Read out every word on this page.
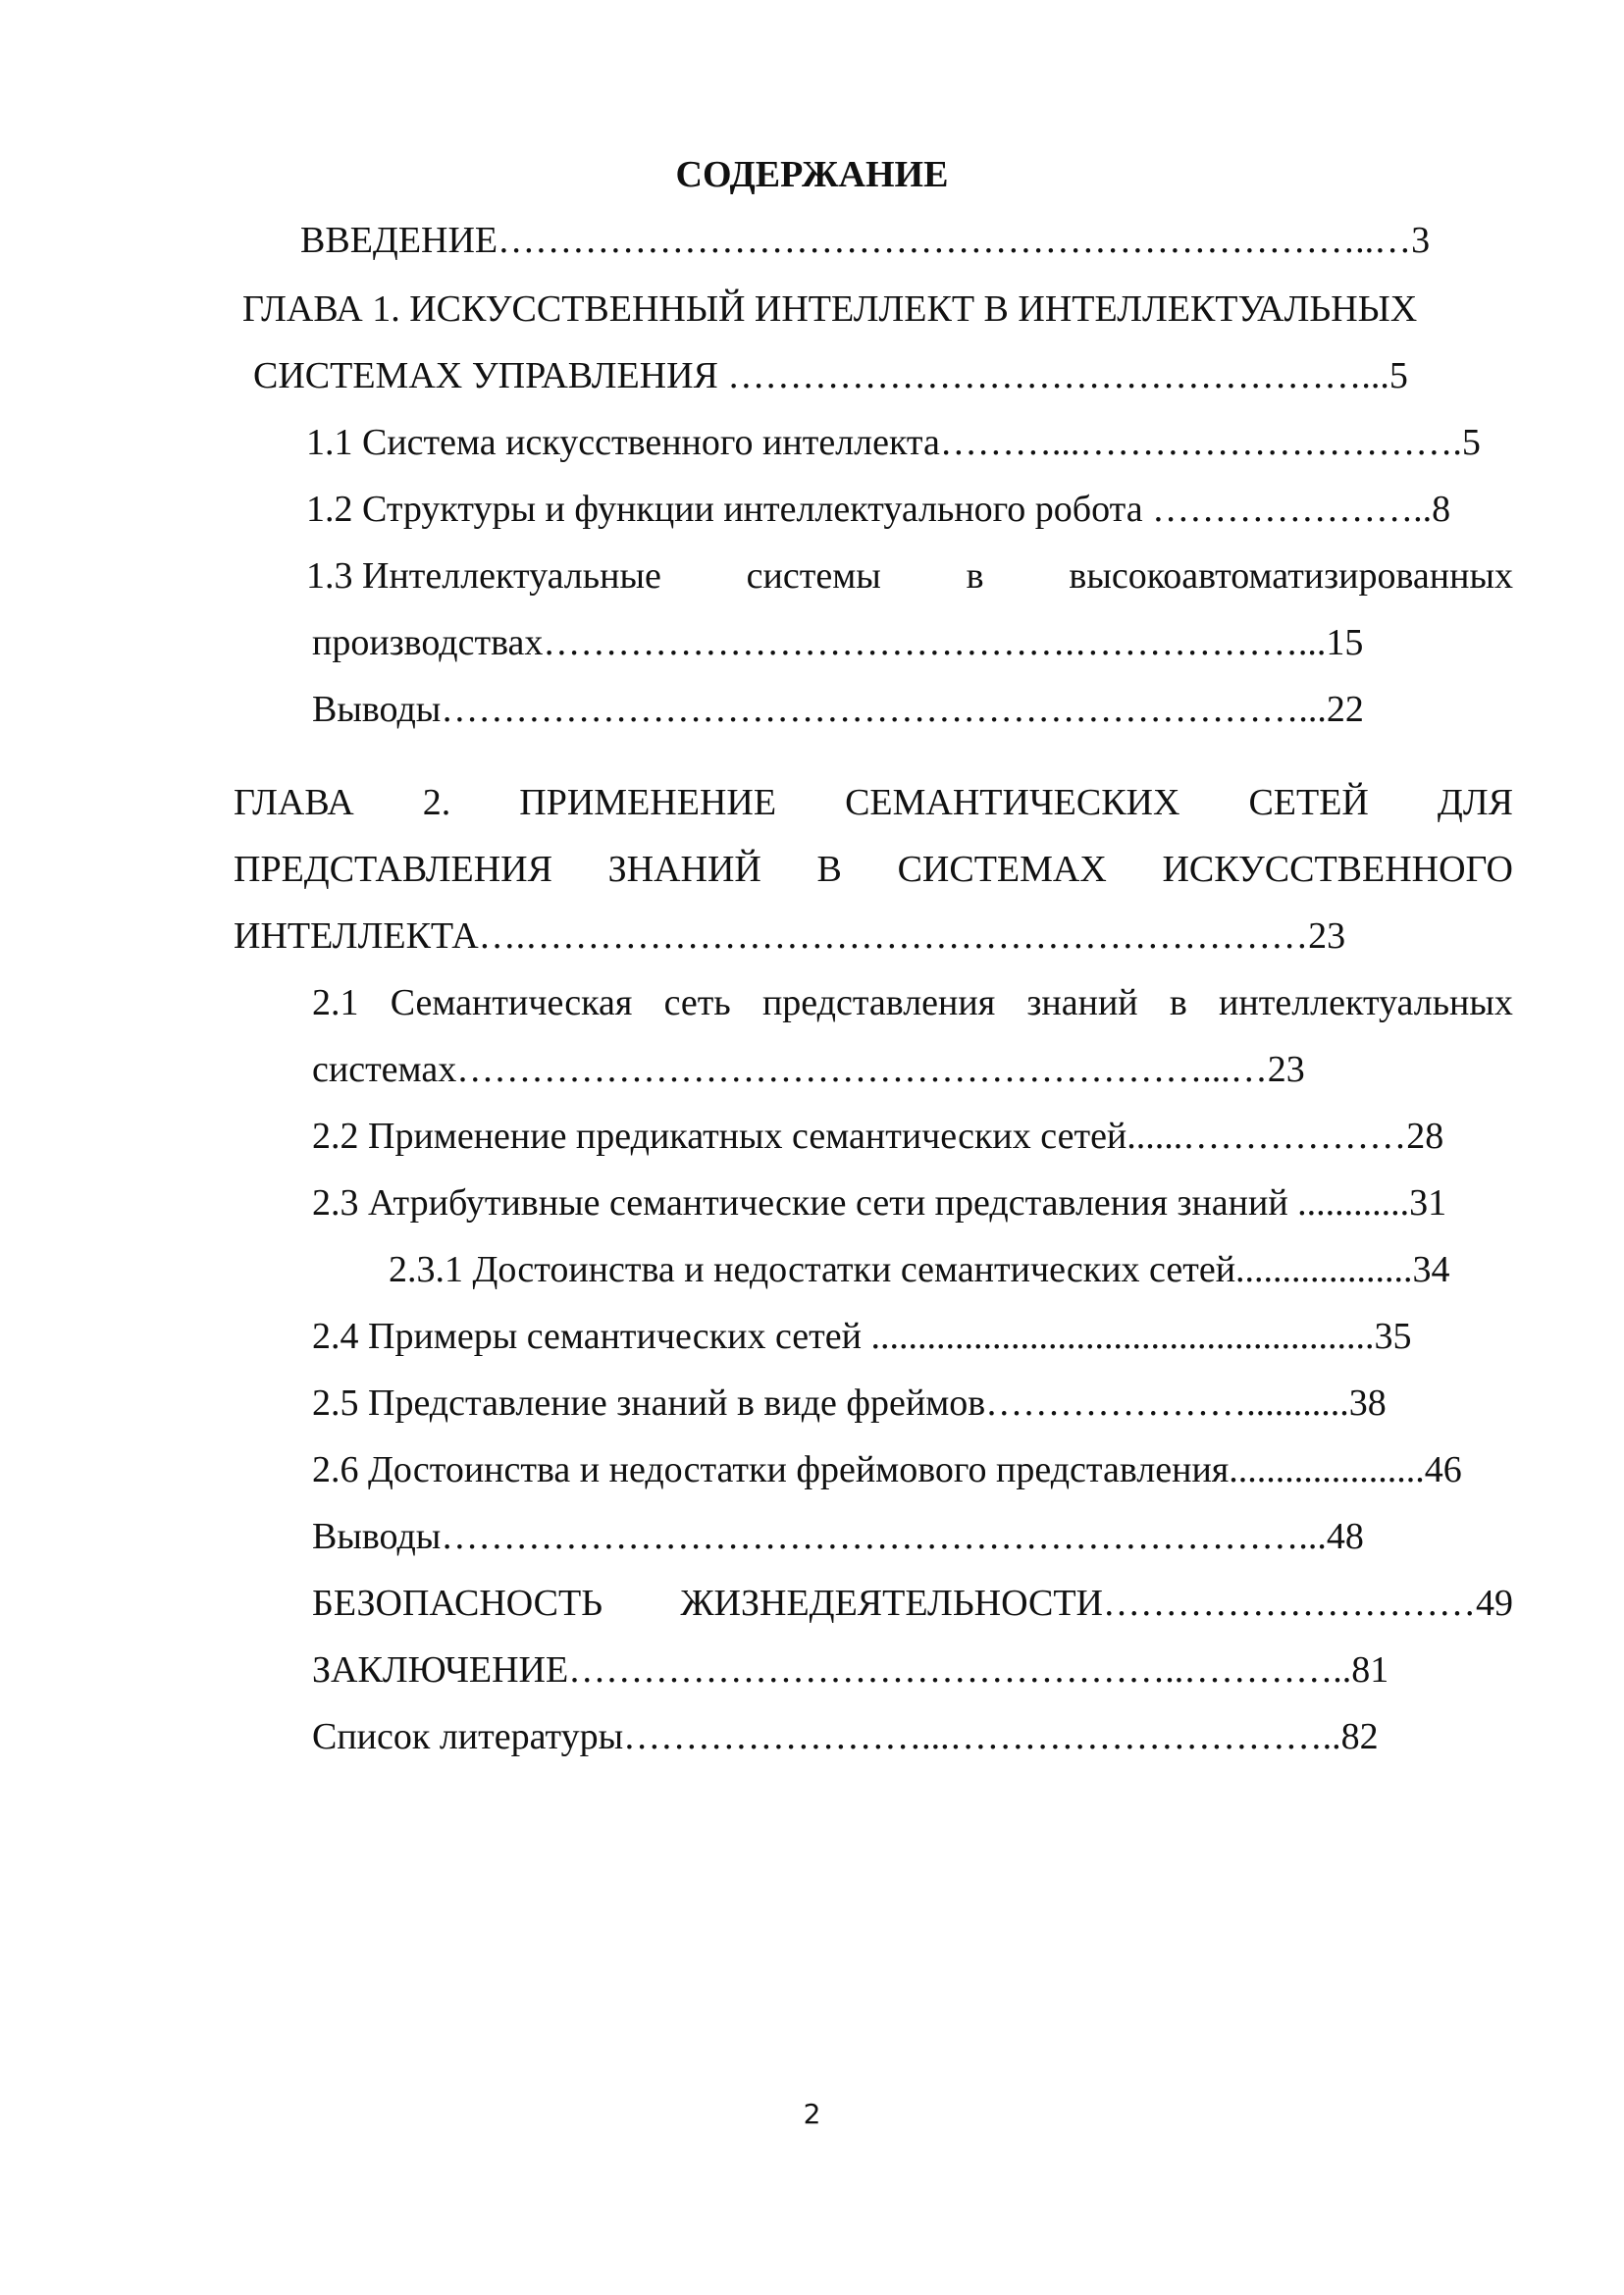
СОДЕРЖАНИЕ
ВВЕДЕНИЕ……………………………………………………………..…3
ГЛАВА 1. ИСКУССТВЕННЫЙ ИНТЕЛЛЕКТ В ИНТЕЛЛЕКТУАЛЬНЫХ
СИСТЕМАХ УПРАВЛЕНИЯ ……………………………………………...5
1.1 Система искусственного интеллекта………...………………………….5
1.2 Структуры и функции интеллектуального робота …………………..8
1.3 Интеллектуальные системы в высокоавтоматизированных
производствах…………………………………….………………...15
Выводы……………………………………………………………...22
ГЛАВА 2. ПРИМЕНЕНИЕ СЕМАНТИЧЕСКИХ СЕТЕЙ ДЛЯ
ПРЕДСТАВЛЕНИЯ ЗНАНИЙ В СИСТЕМАХ ИСКУССТВЕННОГО
ИНТЕЛЛЕКТА….………………………………………………………23
2.1 Семантическая сеть представления знаний в интеллектуальных
системах……………………………………………………...…23
2.2 Применение предикатных семантических сетей......………………28
2.3 Атрибутивные семантические сети представления знаний ............31
2.3.1 Достоинства и недостатки семантических сетей...................34
2.4 Примеры семантических сетей ......................................................35
2.5 Представление знаний в виде фреймов…………………...........38
2.6 Достоинства и недостатки фреймового представления.....................46
Выводы……………………………………………………………...48
БЕЗОПАСНОСТЬ ЖИЗНЕДЕЯТЕЛЬНОСТИ…………………………49
ЗАКЛЮЧЕНИЕ…………………………………………..…………..81
Список литературы……………………...…………………………..82
2
